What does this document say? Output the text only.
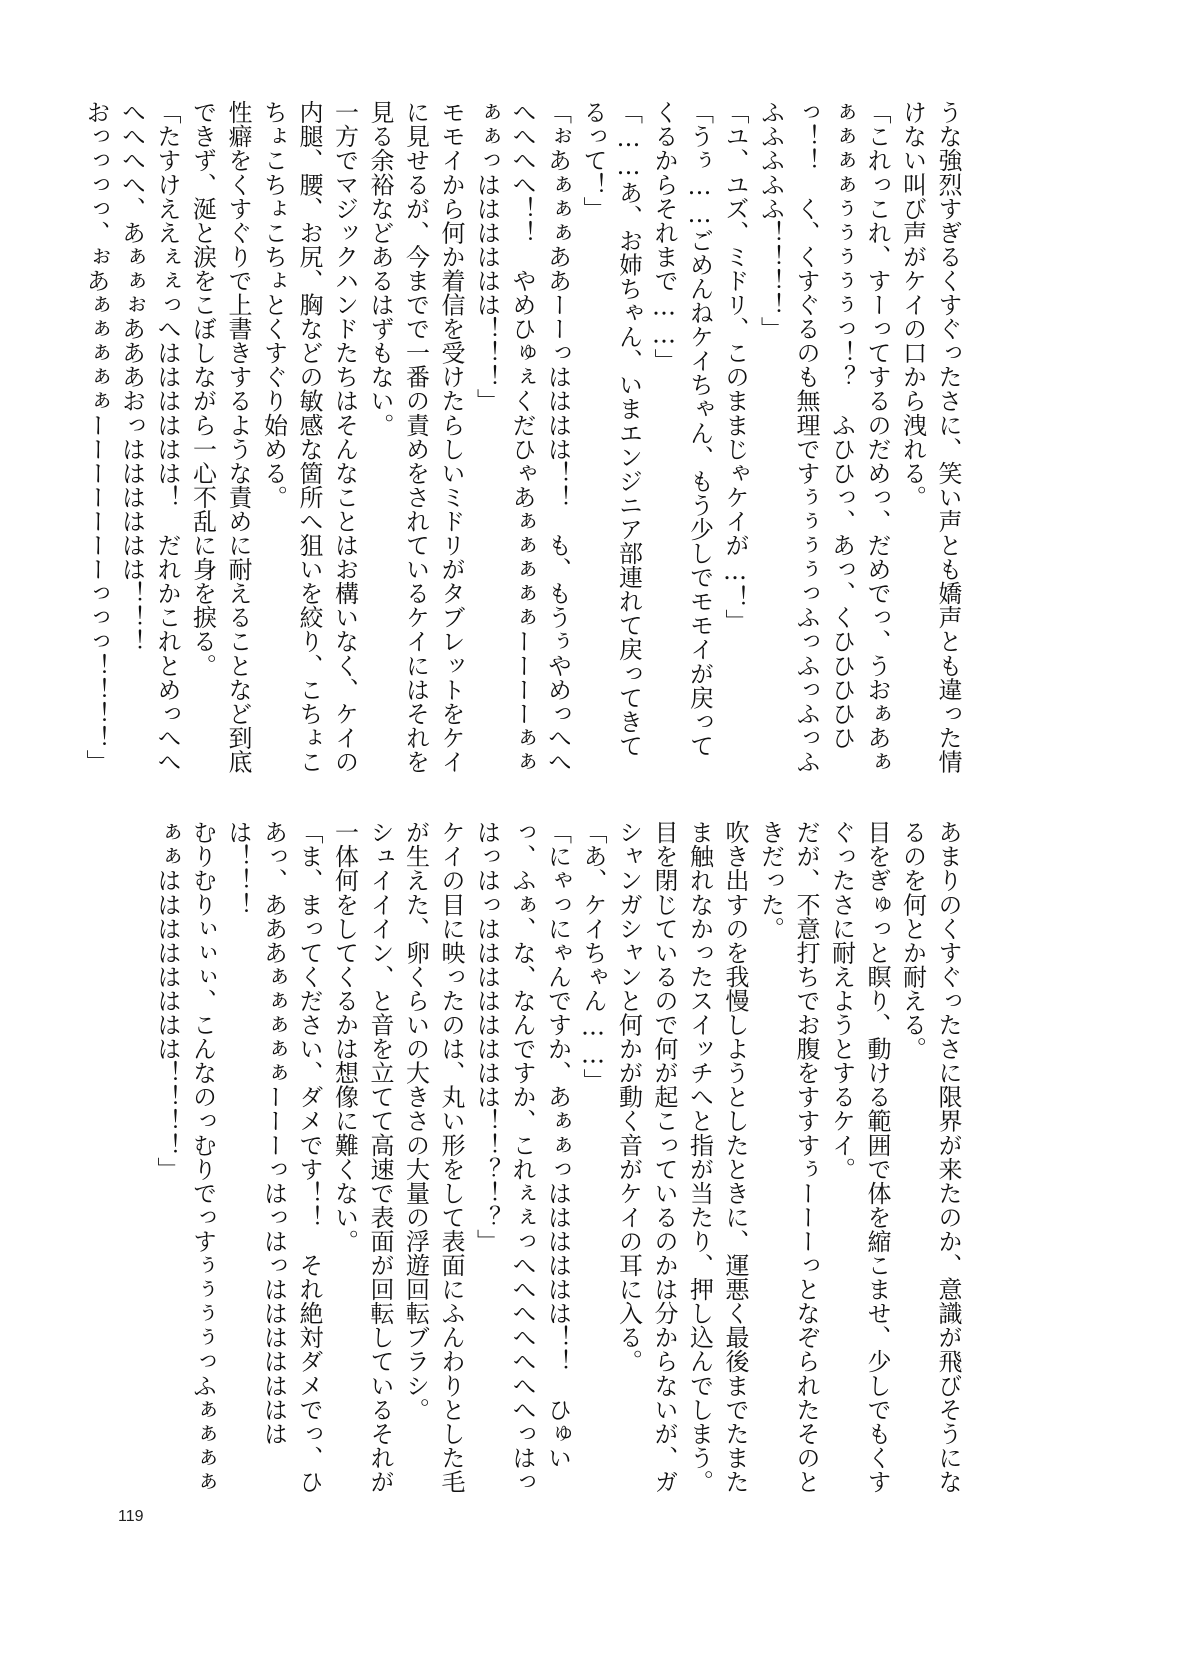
うな強烈すぎるくすぐったさに、笑い声とも嬌声とも違った情けない叫び声がケイの口から洩れる。

「これっこれ、すーってするのだめっ、だめでっ、うおぁあぁぁぁぁぁぅぅぅぅぅっ！？　ふひひっ、あっ、くひひひひひっ！！　く、くすぐるのも無理ですぅぅぅぅっふっふっふっふふふふふふ！！！！」

「ユ、ユズ、ミドリ、このままじゃケイが…！」

「うぅ……ごめんねケイちゃん、もう少しでモモイが戻ってくるからそれまで……」

「……あ、お姉ちゃん、いまエンジニア部連れて戻ってきてるって！」

「ぉあぁぁぁああーーっはははは！！　も、もうぅやめっへへへへへへ！！　やめひゅぇくだひゃあぁぁぁぁぁーーーーぁぁぁぁっはははははは！！！」

モモイから何か着信を受けたらしいミドリがタブレットをケイに見せるが、今までで一番の責めをされているケイにはそれを見る余裕などあるはずもない。

一方でマジックハンドたちはそんなことはお構いなく、ケイの内腿、腰、お尻、胸などの敏感な箇所へ狙いを絞り、こちょこちょこちょこちょとくすぐり始める。

性癖をくすぐりで上書きするような責めに耐えることなど到底できず、涎と涙をこぼしながら一心不乱に身を捩る。

「たすけええぇぇっへはははははは！　だれかこれとめっへへへへへへ、あぁぁぉあああおっはははははは！！！

おっっっっ、ぉあぁぁぁぁぁーーーーーーーっっっ！！！！」

あまりのくすぐったさに限界が来たのか、意識が飛びそうになるのを何とか耐える。

目をぎゅっと瞑り、動ける範囲で体を縮こませ、少しでもくすぐったさに耐えようとするケイ。

だが、不意打ちでお腹をすすすぅーーーっとなぞられたそのときだった。

吹き出すのを我慢しようとしたときに、運悪く最後までたまたま触れなかったスイッチへと指が当たり、押し込んでしまう。

目を閉じているので何が起こっているのかは分からないが、ガシャンガシャンと何かが動く音がケイの耳に入る。

「あ、ケイちゃん……」

「にゃっにゃんですか、あぁぁっはははははは！！　ひゅいっ、ふぁ、な、なんですか、これぇぇっへへへへへへへっはっはっはっはははははははは！！？！？」

ケイの目に映ったのは、丸い形をして表面にふんわりとした毛が生えた、卵くらいの大きさの大量の浮遊回転ブラシ。

シュイイイン、と音を立てて高速で表面が回転しているそれが一体何をしてくるかは想像に難くない。

「ま、まってください、ダメです！！　それ絶対ダメでっ、ひあっ、あああぁぁぁぁぁーーーっはっはっはははははははは！！！

むりむりぃぃぃ、こんなのっむりでっすぅぅぅぅっふぁぁぁぁぁぁはははははははは！！！！」

119
